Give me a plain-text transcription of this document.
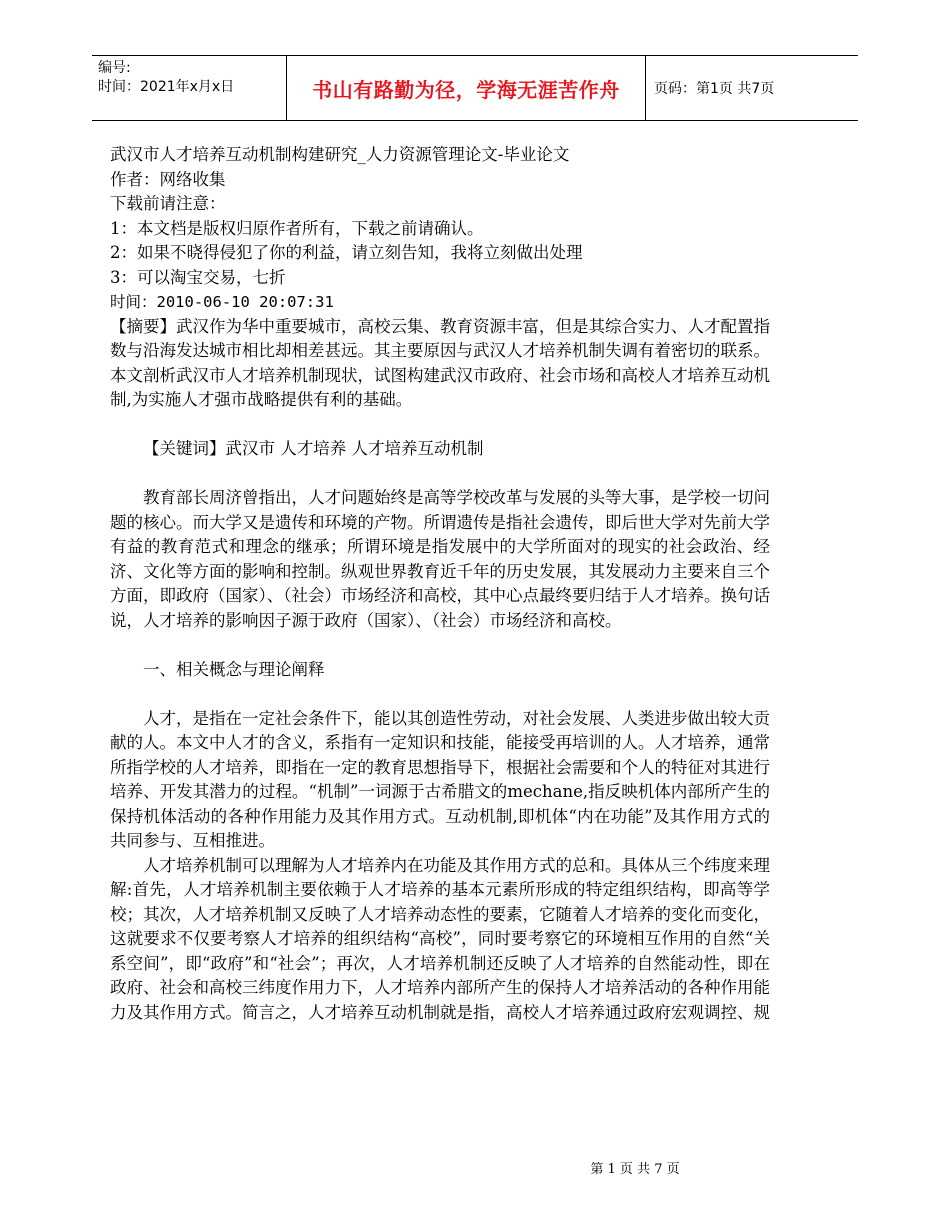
编号:
时间：2021年x月x日	书山有路勤为径，学海无涯苦作舟	页码：第1页 共7页

武汉市人才培养互动机制构建研究_人力资源管理论文-毕业论文

作者：网络收集

下载前请注意：

1：本文档是版权归原作者所有，下载之前请确认。

2：如果不晓得侵犯了你的利益，请立刻告知，我将立刻做出处理

3：可以淘宝交易，七折

时间：2010-06-10 20:07:31

【摘要】武汉作为华中重要城市，高校云集、教育资源丰富，但是其综合实力、人才配置指数与沿海发达城市相比却相差甚远。其主要原因与武汉人才培养机制失调有着密切的联系。本文剖析武汉市人才培养机制现状，试图构建武汉市政府、社会市场和高校人才培养互动机制,为实施人才强市战略提供有利的基础。

【关键词】武汉市 人才培养 人才培养互动机制

教育部长周济曾指出，人才问题始终是高等学校改革与发展的头等大事，是学校一切问题的核心。而大学又是遗传和环境的产物。所谓遗传是指社会遗传，即后世大学对先前大学有益的教育范式和理念的继承；所谓环境是指发展中的大学所面对的现实的社会政治、经济、文化等方面的影响和控制。纵观世界教育近千年的历史发展，其发展动力主要来自三个方面，即政府（国家）、（社会）市场经济和高校，其中心点最终要归结于人才培养。换句话说，人才培养的影响因子源于政府（国家）、（社会）市场经济和高校。

一、相关概念与理论阐释

人才，是指在一定社会条件下，能以其创造性劳动，对社会发展、人类进步做出较大贡献的人。本文中人才的含义，系指有一定知识和技能，能接受再培训的人。人才培养，通常所指学校的人才培养，即指在一定的教育思想指导下，根据社会需要和个人的特征对其进行培养、开发其潜力的过程。“机制”一词源于古希腊文的mechane,指反映机体内部所产生的保持机体活动的各种作用能力及其作用方式。互动机制,即机体“内在功能”及其作用方式的共同参与、互相推进。

人才培养机制可以理解为人才培养内在功能及其作用方式的总和。具体从三个纬度来理解:首先，人才培养机制主要依赖于人才培养的基本元素所形成的特定组织结构，即高等学校；其次，人才培养机制又反映了人才培养动态性的要素，它随着人才培养的变化而变化，这就要求不仅要考察人才培养的组织结构“高校”，同时要考察它的环境相互作用的自然“关系空间”，即“政府”和“社会”；再次，人才培养机制还反映了人才培养的自然能动性，即在政府、社会和高校三纬度作用力下，人才培养内部所产生的保持人才培养活动的各种作用能力及其作用方式。简言之，人才培养互动机制就是指，高校人才培养通过政府宏观调控、规

第 1 页 共 7 页
